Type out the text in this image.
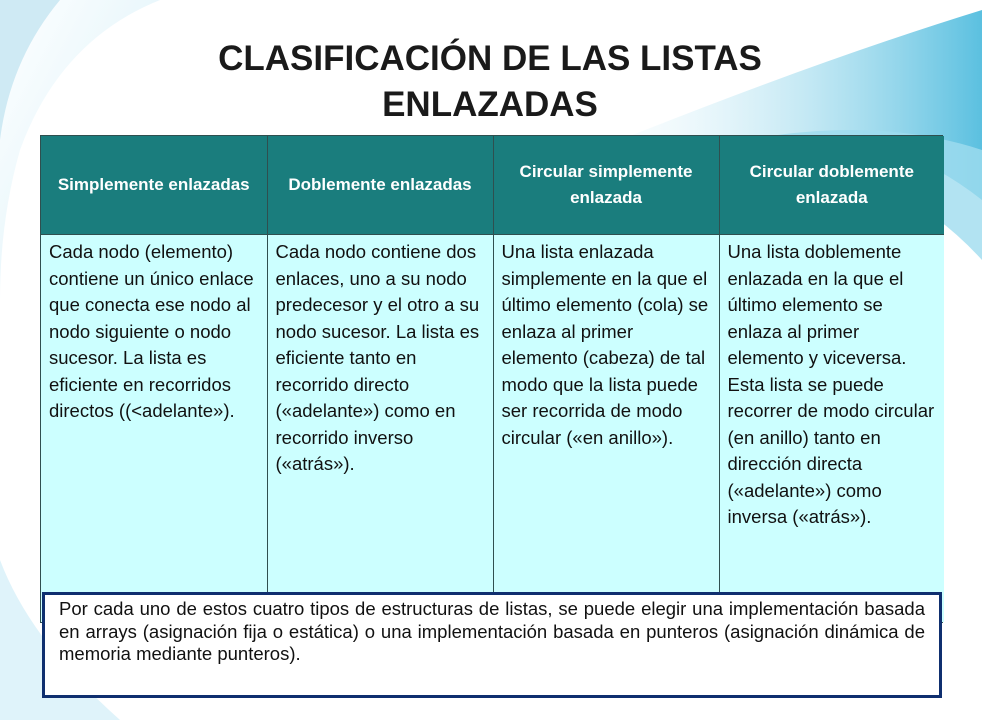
CLASIFICACIÓN DE LAS LISTAS ENLAZADAS
Simplemente enlazadas	Doblemente enlazadas	Circular simplemente enlazada	Circular doblemente enlazada
Cada nodo (elemento) contiene un único enlace que conecta ese nodo al nodo siguiente o nodo sucesor. La lista es eficiente en recorridos directos ((<adelante»).	Cada nodo contiene dos enlaces, uno a su nodo predecesor y el otro a su nodo sucesor. La lista es eficiente tanto en recorrido directo («adelante») como en recorrido inverso («atrás»).	Una lista enlazada simplemente en la que el último elemento (cola) se enlaza al primer elemento (cabeza) de tal modo que la lista puede ser recorrida de modo circular («en anillo»).	Una lista doblemente enlazada en la que el último elemento se enlaza al primer elemento y viceversa. Esta lista se puede recorrer de modo circular (en anillo) tanto en dirección directa («adelante») como inversa («atrás»).
Por cada uno de estos cuatro tipos de estructuras de listas, se puede elegir una implementación basada en arrays (asignación fija o estática) o una implementación basada en punteros (asignación dinámica de memoria mediante punteros).
